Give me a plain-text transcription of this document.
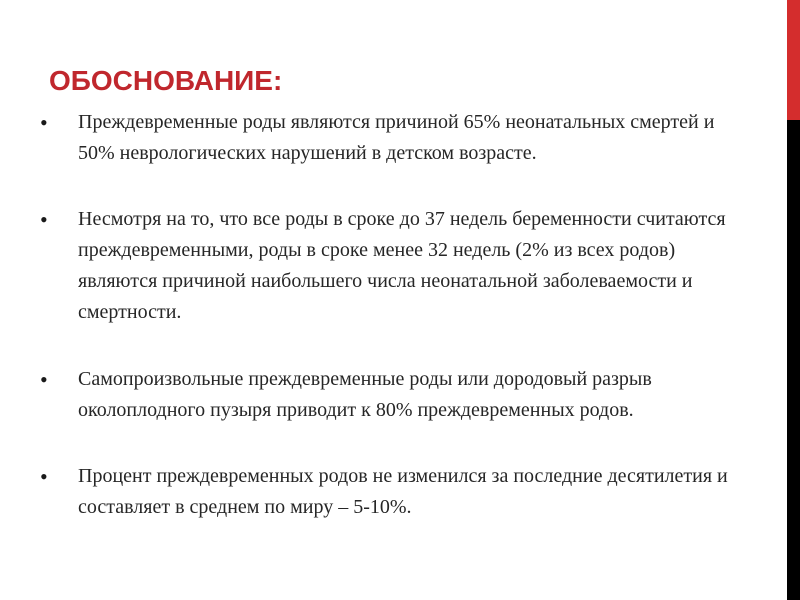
ОБОСНОВАНИЕ:
• Преждевременные роды являются причиной 65% неонатальных смертей и 50% неврологических нарушений в детском возрасте.
• Несмотря на то, что все роды в сроке до 37 недель беременности считаются преждевременными, роды в сроке менее 32 недель (2% из всех родов) являются причиной наибольшего числа неонатальной заболеваемости и смертности.
• Самопроизвольные преждевременные роды или дородовый разрыв околоплодного пузыря приводит к 80% преждевременных родов.
• Процент преждевременных родов не изменился за последние десятилетия и составляет в среднем по миру – 5-10%.
